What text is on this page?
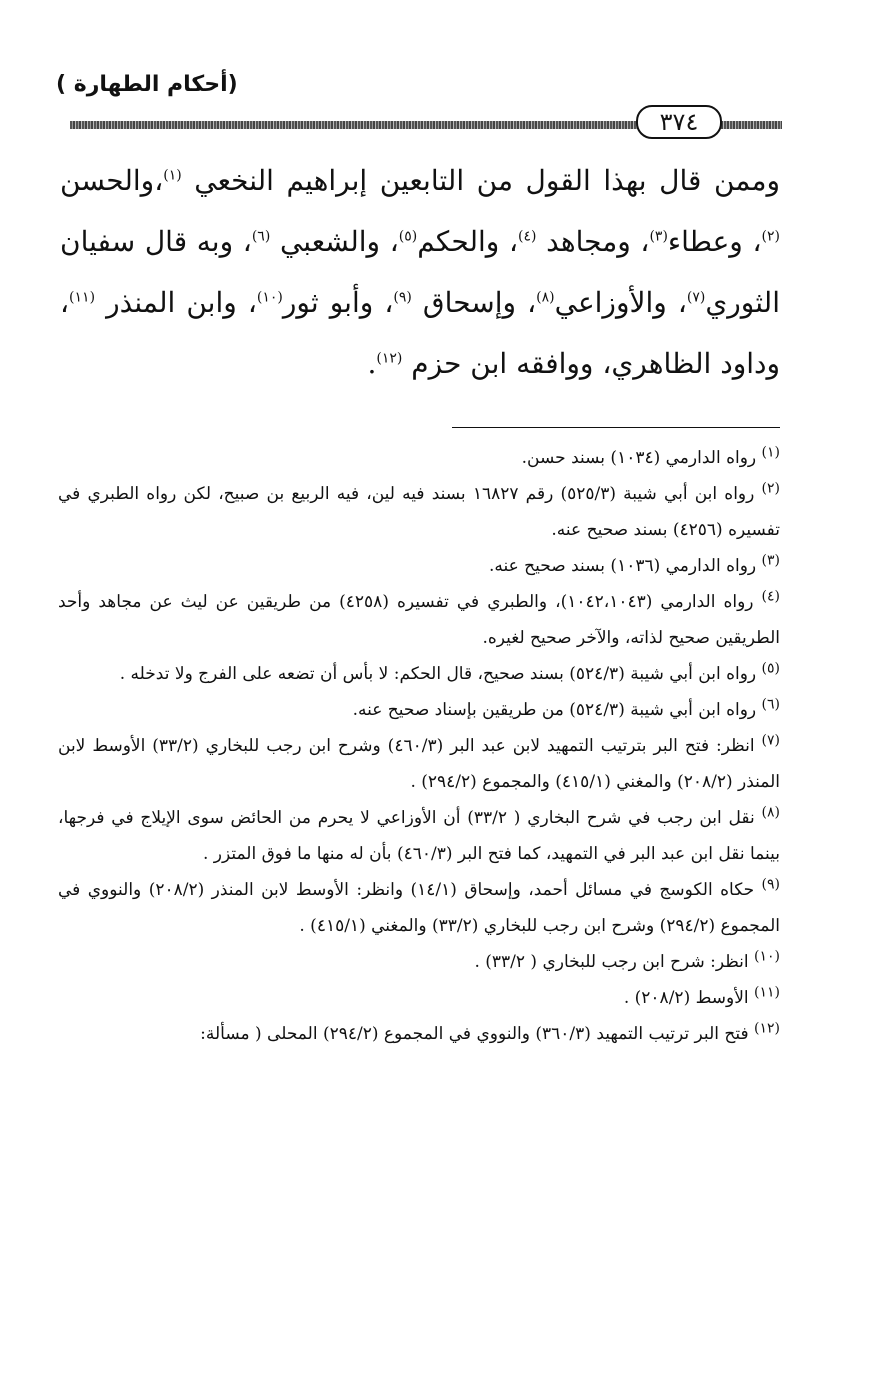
(أحكام الطهارة )
٣٧٤
وممن قال بهذا القول من التابعين إبراهيم النخعي $^{(١)}$،والحسن $^{(٢)}$، وعطاء$^{(٣)}$، ومجاهد $^{(٤)}$، والحكم$^{(٥)}$، والشعبي $^{(٦)}$، وبه قال سفيان الثوري$^{(٧)}$، والأوزاعي$^{(٨)}$، وإسحاق $^{(٩)}$، وأبو ثور$^{(١٠)}$، وابن المنذر $^{(١١)}$، وداود الظاهري، ووافقه ابن حزم $^{(١٢)}$.

$^{(١)}$ رواه الدارمي (١٠٣٤) بسند حسن.

$^{(٢)}$ رواه ابن أبي شيبة (٥٢٥/٣) رقم ١٦٨٢٧ بسند فيه لين، فيه الربيع بن صبيح، لكن رواه الطبري في تفسيره (٤٢٥٦) بسند صحيح عنه.

$^{(٣)}$ رواه الدارمي (١٠٣٦) بسند صحيح عنه.

$^{(٤)}$ رواه الدارمي (١٠٤٢،١٠٤٣)، والطبري في تفسيره (٤٢٥٨) من طريقين عن ليث عن مجاهد وأحد الطريقين صحيح لذاته، والآخر صحيح لغيره.

$^{(٥)}$ رواه ابن أبي شيبة (٥٢٤/٣) بسند صحيح، قال الحكم: لا بأس أن تضعه على الفرج ولا تدخله .

$^{(٦)}$ رواه ابن أبي شيبة (٥٢٤/٣) من طريقين بإسناد صحيح عنه.

$^{(٧)}$ انظر: فتح البر بترتيب التمهيد لابن عبد البر (٤٦٠/٣) وشرح ابن رجب للبخاري (٣٣/٢) الأوسط لابن المنذر (٢٠٨/٢) والمغني (٤١٥/١) والمجموع (٢٩٤/٢) .

$^{(٨)}$ نقل ابن رجب في شرح البخاري ( ٣٣/٢) أن الأوزاعي لا يحرم من الحائض سوى الإيلاج في فرجها، بينما نقل ابن عبد البر في التمهيد، كما فتح البر (٤٦٠/٣) بأن له منها ما فوق المتزر .

$^{(٩)}$ حكاه الكوسج في مسائل أحمد، وإسحاق (١٤/١) وانظر: الأوسط لابن المنذر (٢٠٨/٢) والنووي في المجموع (٢٩٤/٢) وشرح ابن رجب للبخاري (٣٣/٢) والمغني (٤١٥/١) .

$^{(١٠)}$ انظر: شرح ابن رجب للبخاري ( ٣٣/٢) .

$^{(١١)}$ الأوسط (٢٠٨/٢) .

$^{(١٢)}$ فتح البر ترتيب التمهيد (٣٦٠/٣) والنووي في المجموع (٢٩٤/٢) المحلى ( مسألة:
